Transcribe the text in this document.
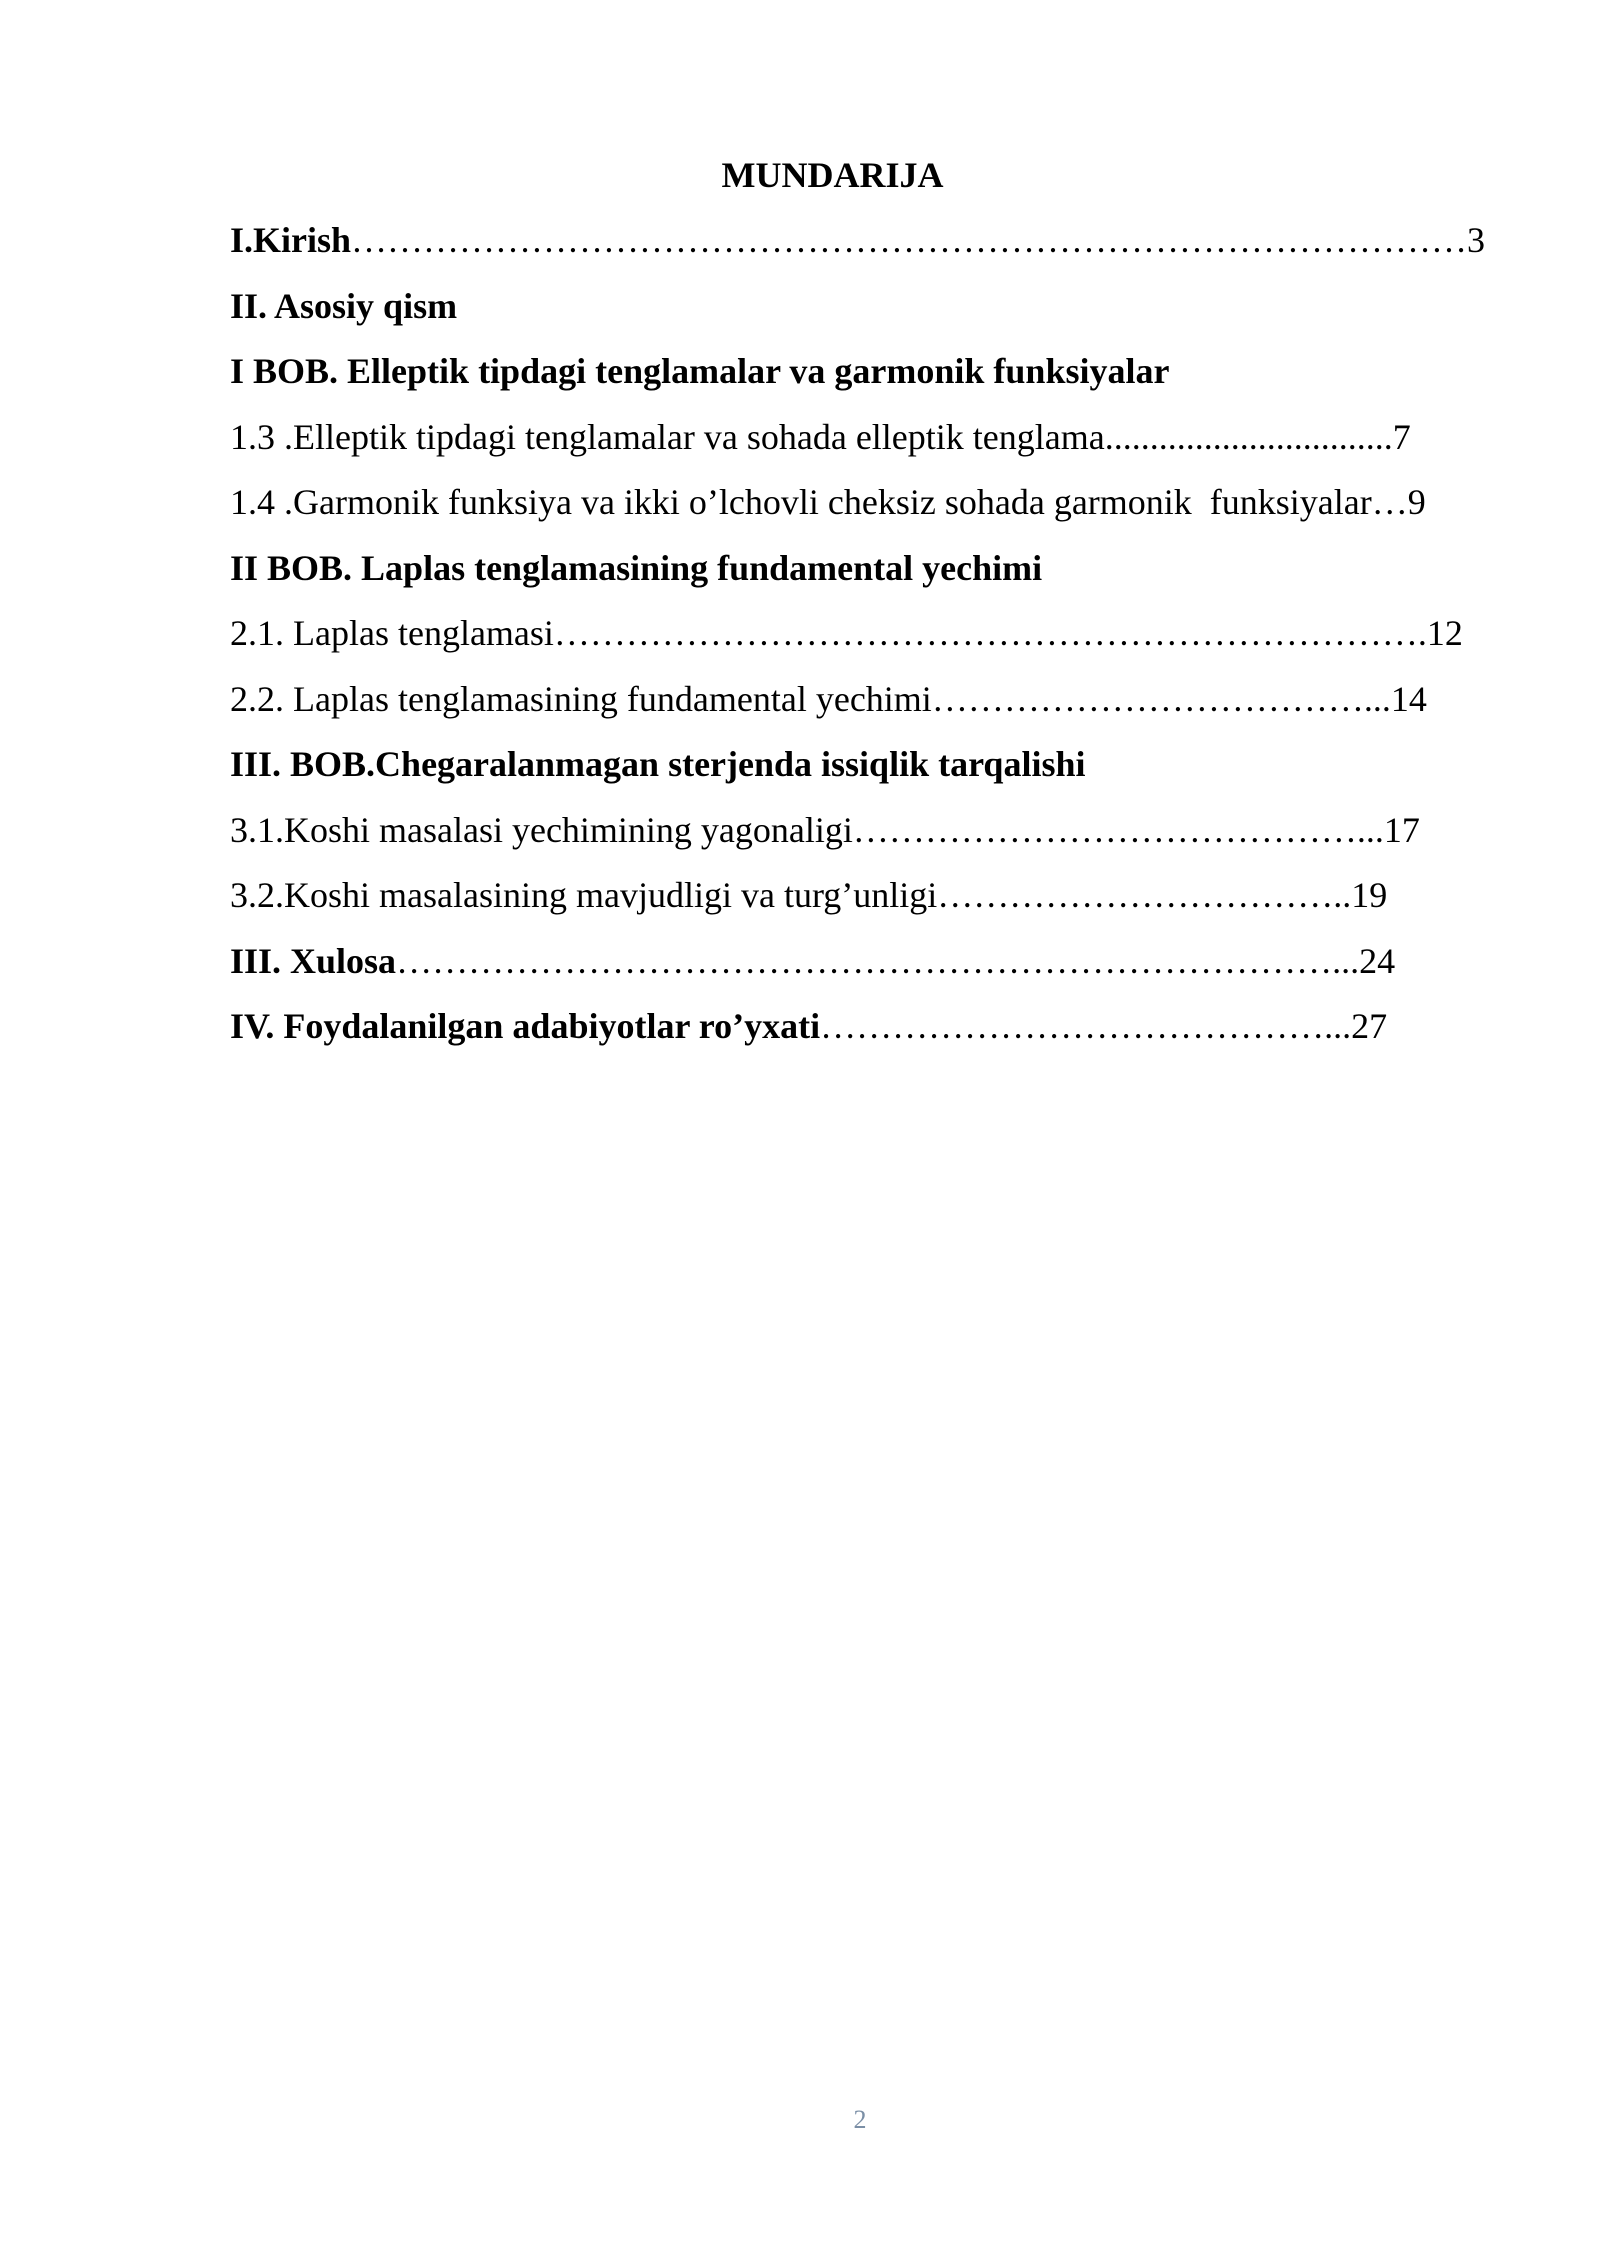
MUNDARIJA
I.Kirish…………………………………………………………………………………3
II. Asosiy qism
I BOB. Elleptik tipdagi tenglamalar va garmonik funksiyalar
1.3 .Elleptik tipdagi tenglamalar va sohada elleptik tenglama................................7
1.4 .Garmonik funksiya va ikki o’lchovli cheksiz sohada garmonik  funksiyalar…9
II BOB. Laplas tenglamasining fundamental yechimi
2.1. Laplas tenglamasi……………………………………………………………….12
2.2. Laplas tenglamasining fundamental yechimi………………………………...14
III. BOB.Chegaralanmagan sterjenda issiqlik tarqalishi
3.1.Koshi masalasi yechimining yagonaligi……………………………………...17
3.2.Koshi masalasining mavjudligi va turg’unligi……………………………..19
III. Xulosa……………………………………………………………………...24
IV. Foydalanilgan adabiyotlar ro’yxati……………………………………...27
2
